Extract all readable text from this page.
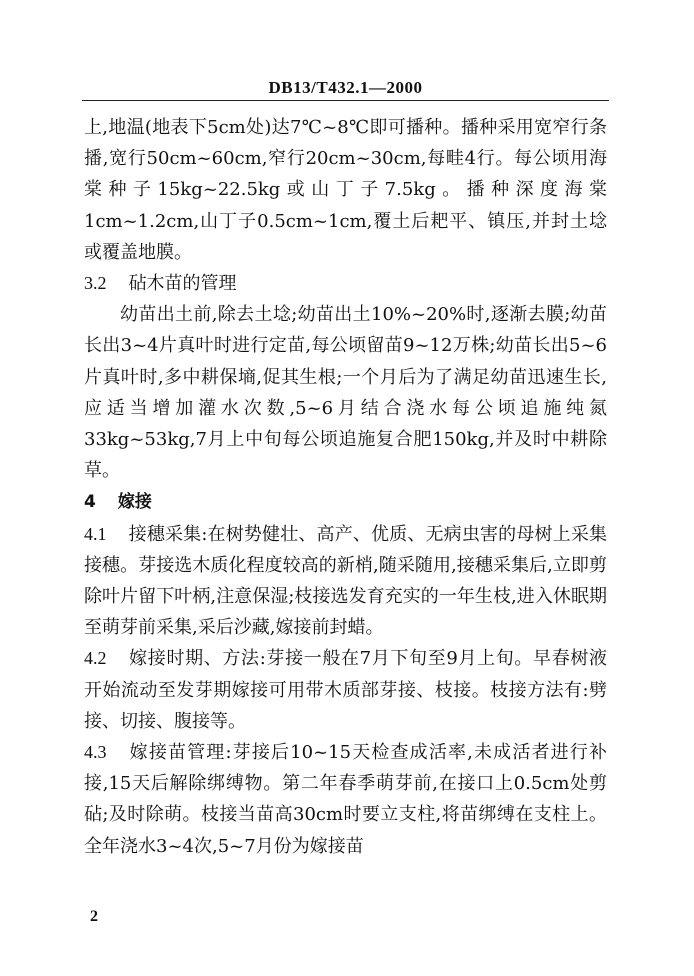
DB13/T432.1—2000

上,地温(地表下5cm处)达7℃~8℃即可播种。播种采用宽窄行条播,宽行50cm~60cm,窄行20cm~30cm,每畦4行。每公顷用海棠种子15kg~22.5kg或山丁子7.5kg。播种深度海棠1cm~1.2cm,山丁子0.5cm~1cm,覆土后耙平、镇压,并封土埝或覆盖地膜。

3.2 砧木苗的管理

幼苗出土前,除去土埝;幼苗出土10%~20%时,逐渐去膜;幼苗长出3~4片真叶时进行定苗,每公顷留苗9~12万株;幼苗长出5~6片真叶时,多中耕保墒,促其生根;一个月后为了满足幼苗迅速生长,应适当增加灌水次数,5~6月结合浇水每公顷追施纯氮33kg~53kg,7月上中旬每公顷追施复合肥150kg,并及时中耕除草。

4 嫁接

4.1 接穗采集:在树势健壮、高产、优质、无病虫害的母树上采集接穗。芽接选木质化程度较高的新梢,随采随用,接穗采集后,立即剪除叶片留下叶柄,注意保湿;枝接选发育充实的一年生枝,进入休眠期至萌芽前采集,采后沙藏,嫁接前封蜡。

4.2 嫁接时期、方法:芽接一般在7月下旬至9月上旬。早春树液开始流动至发芽期嫁接可用带木质部芽接、枝接。枝接方法有:劈接、切接、腹接等。

4.3 嫁接苗管理:芽接后10~15天检查成活率,未成活者进行补接,15天后解除绑缚物。第二年春季萌芽前,在接口上0.5cm处剪砧;及时除萌。枝接当苗高30cm时要立支柱,将苗绑缚在支柱上。全年浇水3~4次,5~7月份为嫁接苗

2
